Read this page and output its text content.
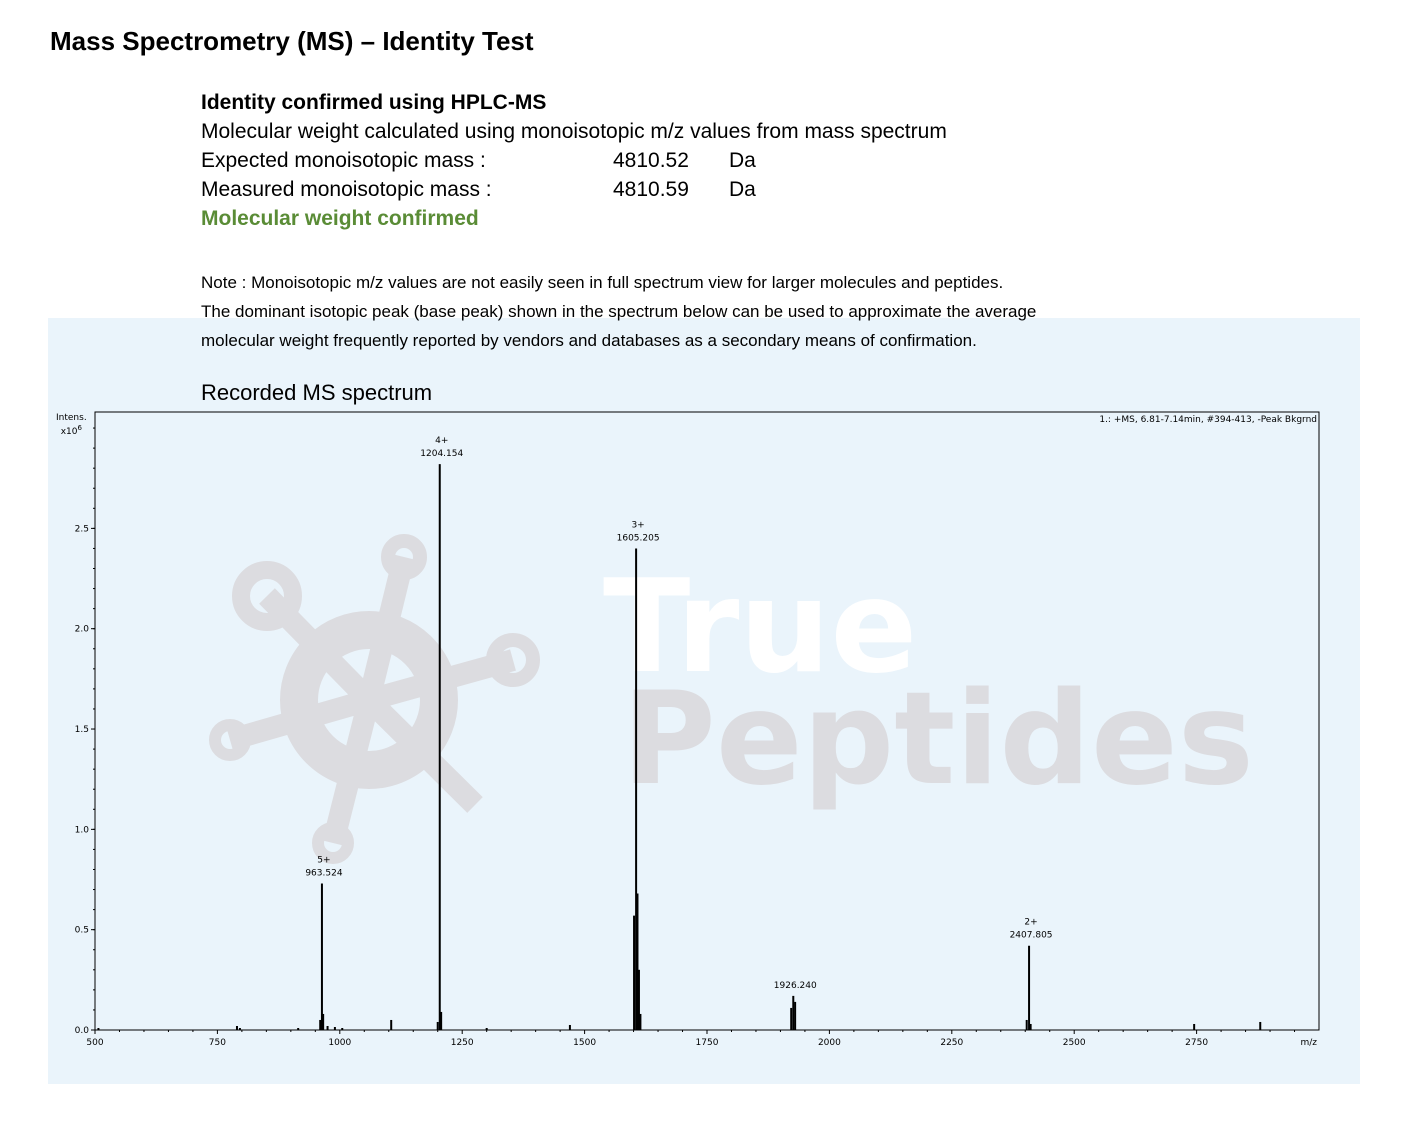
Mass Spectrometry (MS) – Identity Test
Identity confirmed using HPLC-MS
Molecular weight calculated using monoisotopic m/z values from mass spectrum
Expected monoisotopic mass :	4810.52 Da
Measured monoisotopic mass :	4810.59 Da
Molecular weight confirmed
Note : Monoisotopic m/z values are not easily seen in full spectrum view for larger molecules and peptides.
The dominant isotopic peak (base peak) shown in the spectrum below can be used to approximate the average
molecular weight frequently reported by vendors and databases as a secondary means of confirmation.
Recorded MS spectrum
True
Peptides
1.: +MS, 6.81-7.14min, #394-413, -Peak Bkgrnd
500	750	1000	1250	1500	1750	2000	2250	2500	2750	m/z
0.0
0.5
1.0
1.5
2.0
2.5
963.524
5+
1204.154
4+
1605.205
3+
1926.240
2407.805
2+
Intens.
$x10^6$
